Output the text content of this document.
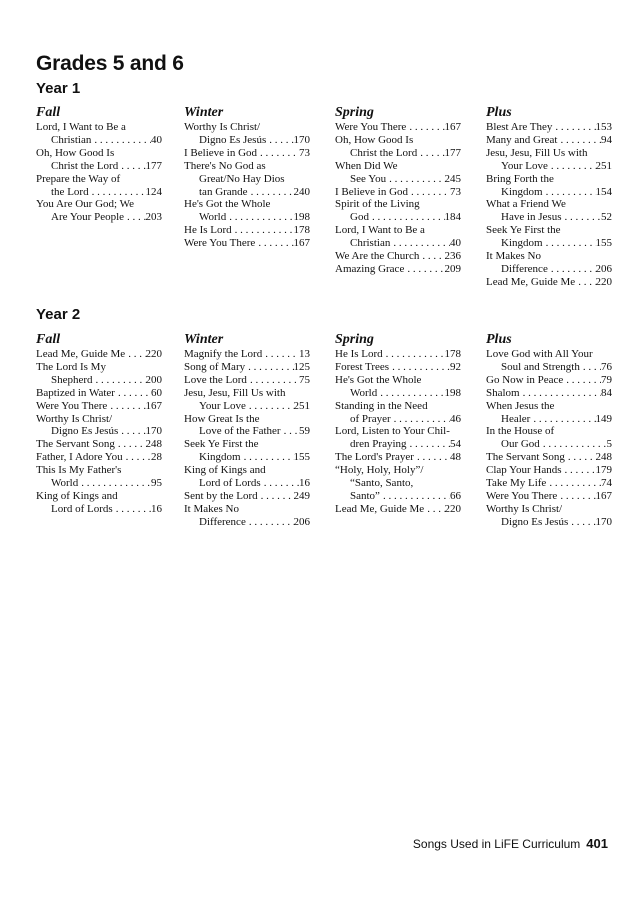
Grades 5 and 6
Year 1
Fall
Lord, I Want to Be a
Christian . . .	40
Oh, How Good Is
Christ the Lord . . . 177
Prepare the Way of
the Lord . . .	124
You Are Our God; We
Are Your People . . . 203
Winter
Worthy Is Christ/
Digno Es Jesús . . . 170
I Believe in God . . .	73
There's No God as
Great/No Hay Dios
tan Grande . . .	240
He's Got the Whole
World . . .	198
He Is Lord . . .	178
Were You There . . .	167
Spring
Were You There . . .	167
Oh, How Good Is
Christ the Lord . . . 177
When Did We
See You . . .	245
I Believe in God . . .	73
Spirit of the Living
God . . .	184
Lord, I Want to Be a
Christian . . .	40
We Are the Church . . . 236
Amazing Grace . . .	209
Plus
Blest Are They . . .	153
Many and Great . . .	94
Jesu, Jesu, Fill Us with
Your Love . . .	251
Bring Forth the
Kingdom . . .	154
What a Friend We
Have in Jesus . . .	52
Seek Ye First the
Kingdom . . .	155
It Makes No
Difference . . .	206
Lead Me, Guide Me . . . 220
Year 2
Fall
Lead Me, Guide Me . . . 220
The Lord Is My
Shepherd . . .	200
Baptized in Water . . .	60
Were You There . . .	167
Worthy Is Christ/
Digno Es Jesús . . . 170
The Servant Song . . .	248
Father, I Adore You . . .	28
This Is My Father's
World . . .	95
King of Kings and
Lord of Lords . . .	16
Winter
Magnify the Lord . . .	13
Song of Mary . . .	125
Love the Lord . . .	75
Jesu, Jesu, Fill Us with
Your Love . . .	251
How Great Is the
Love of the Father . . . 59
Seek Ye First the
Kingdom . . .	155
King of Kings and
Lord of Lords . . .	16
Sent by the Lord . . .	249
It Makes No
Difference . . .	206
Spring
He Is Lord . . .	178
Forest Trees . . .	92
He's Got the Whole
World . . .	198
Standing in the Need
of Prayer . . .	46
Lord, Listen to Your Chil-
dren Praying . . .	54
The Lord's Prayer . . .	48
“Holy, Holy, Holy”/
“Santo, Santo,
Santo” . . .	66
Lead Me, Guide Me . . . 220
Plus
Love God with All Your
Soul and Strength . . . 76
Go Now in Peace . . .	79
Shalom . . .	84
When Jesus the
Healer . . .	149
In the House of
Our God . . .	5
The Servant Song . . .	248
Clap Your Hands . . .	179
Take My Life . . .	74
Were You There . . .	167
Worthy Is Christ/
Digno Es Jesús . . . 170
Songs Used in LiFE Curriculum 401
